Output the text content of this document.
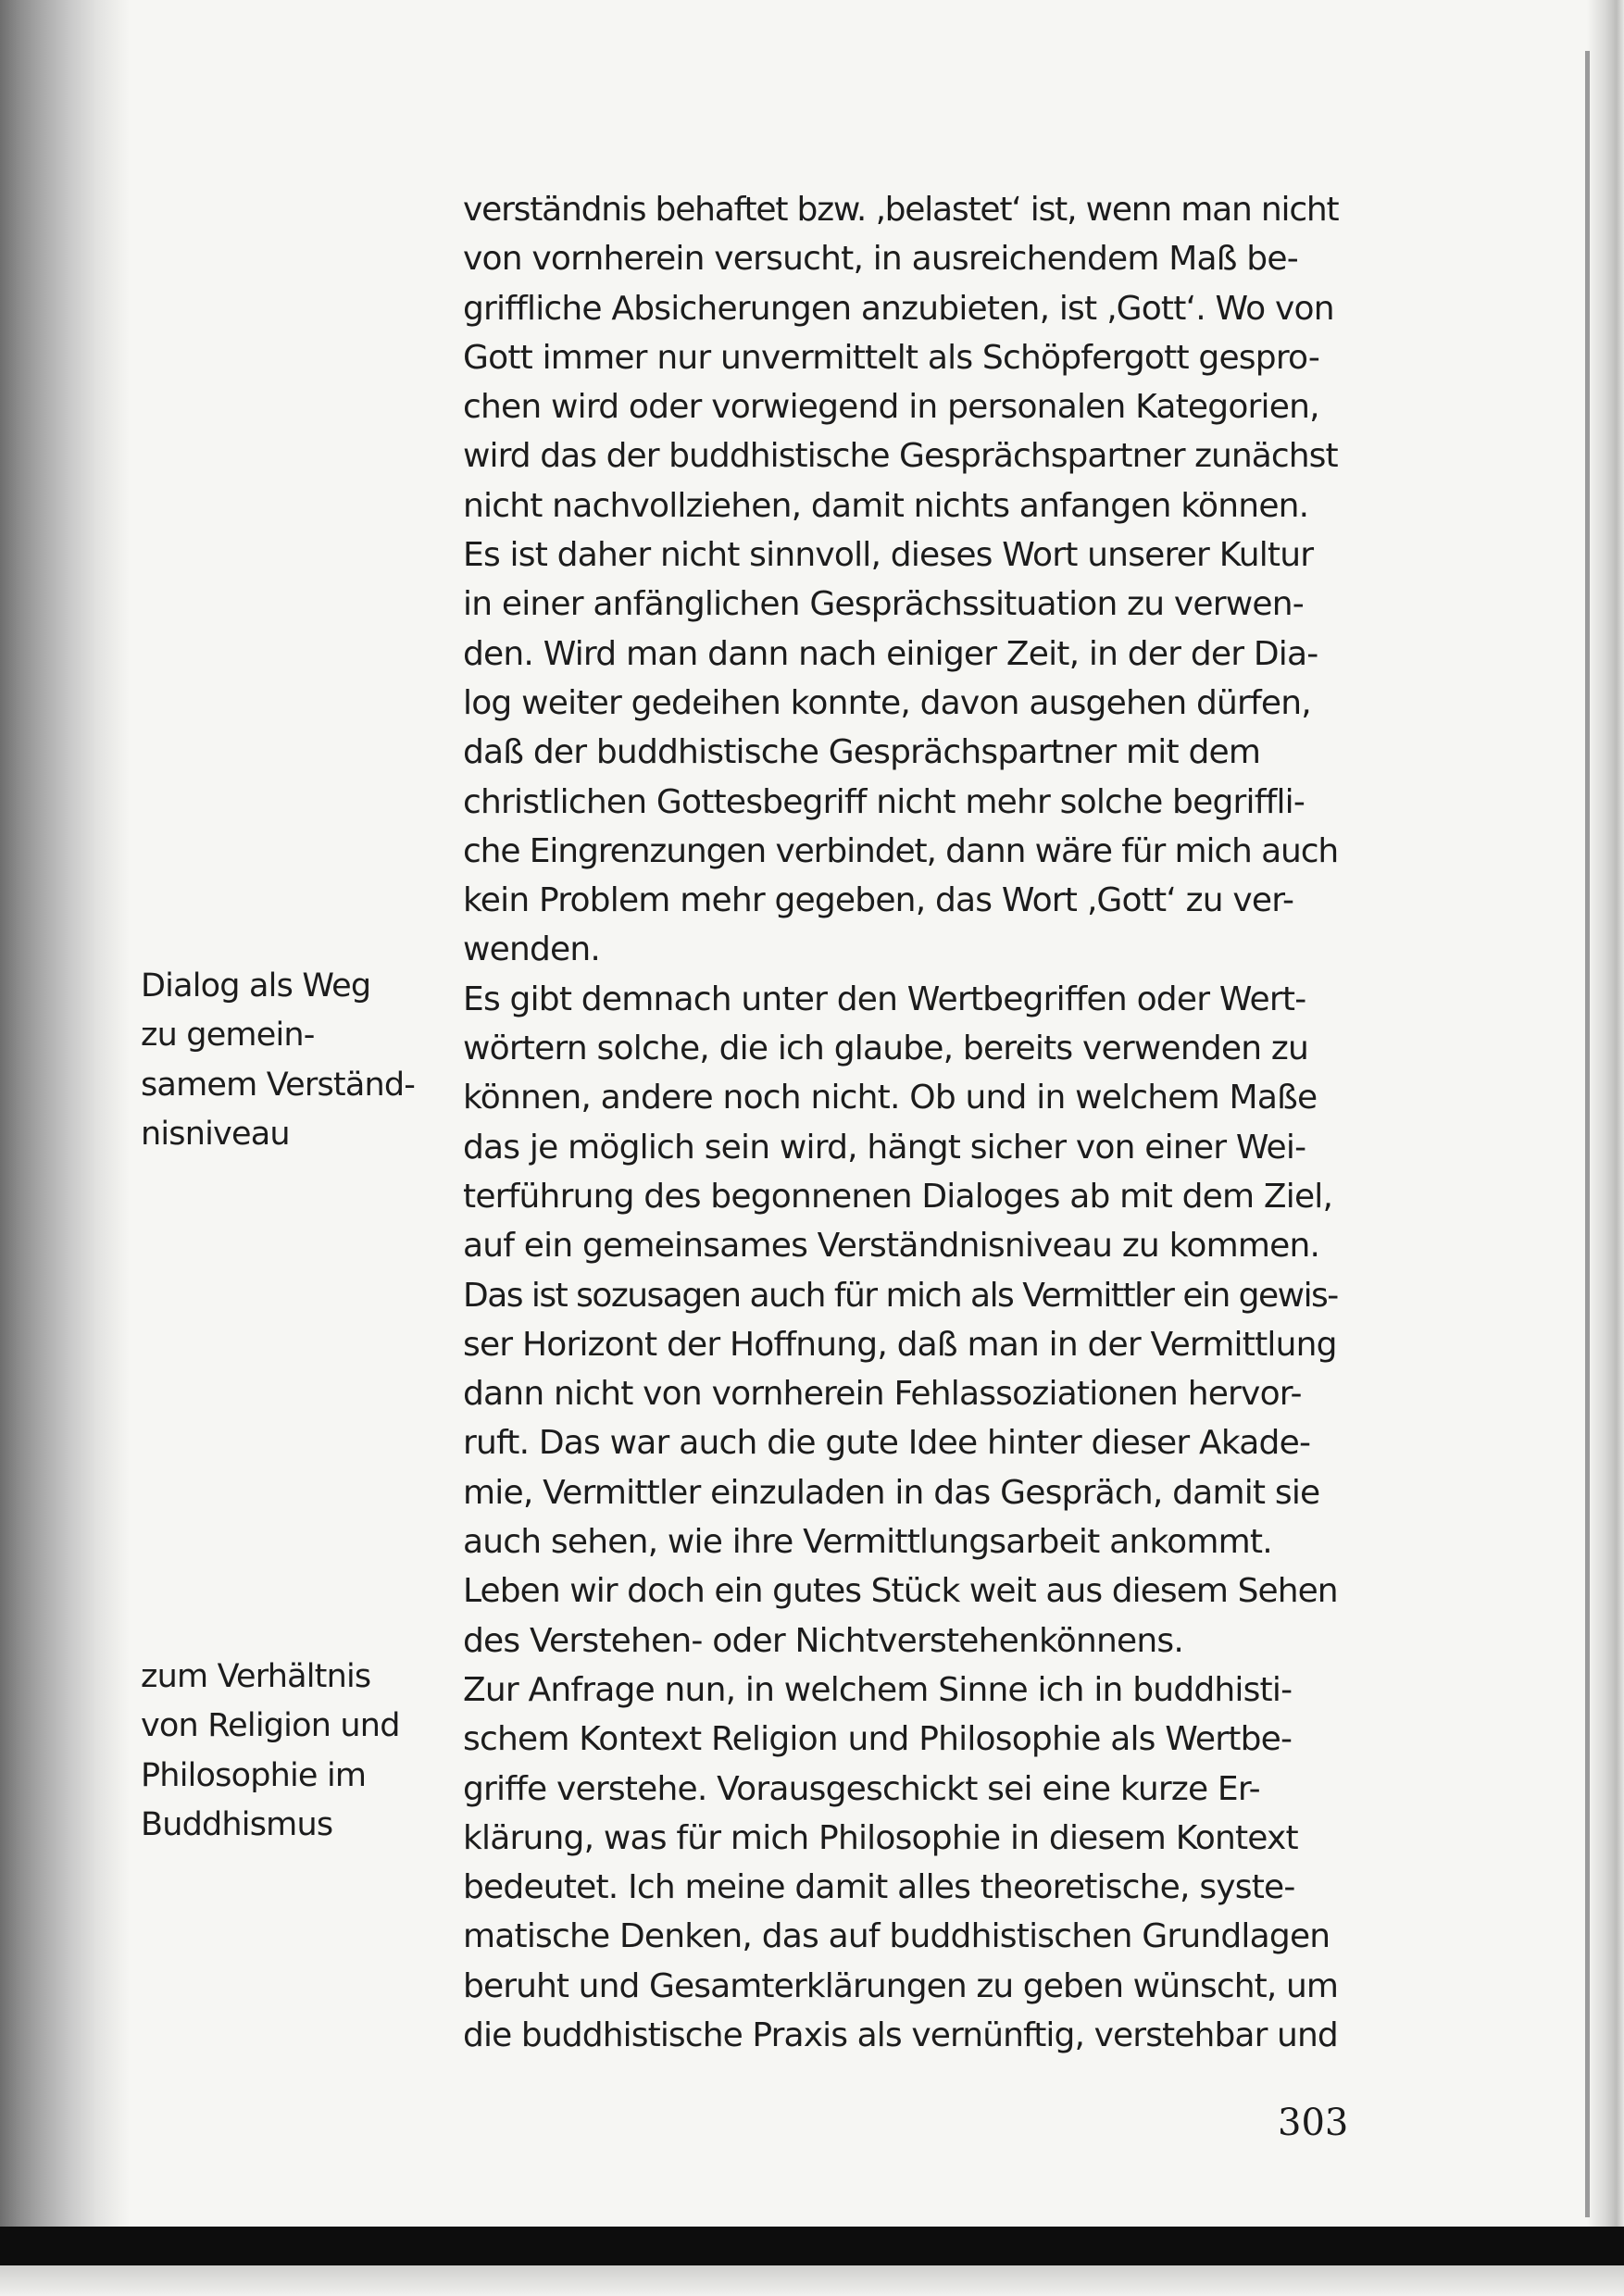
verständnis behaftet bzw. ‚belastet‘ ist, wenn man nicht
von vornherein versucht, in ausreichendem Maß be-
griffliche Absicherungen anzubieten, ist ‚Gott‘. Wo von
Gott immer nur unvermittelt als Schöpfergott gespro-
chen wird oder vorwiegend in personalen Kategorien,
wird das der buddhistische Gesprächspartner zunächst
nicht nachvollziehen, damit nichts anfangen können.
Es ist daher nicht sinnvoll, dieses Wort unserer Kultur
in einer anfänglichen Gesprächssituation zu verwen-
den. Wird man dann nach einiger Zeit, in der der Dia-
log weiter gedeihen konnte, davon ausgehen dürfen,
daß der buddhistische Gesprächspartner mit dem
christlichen Gottesbegriff nicht mehr solche begriffli-
che Eingrenzungen verbindet, dann wäre für mich auch
kein Problem mehr gegeben, das Wort ‚Gott‘ zu ver-
wenden.
Es gibt demnach unter den Wertbegriffen oder Wert-
wörtern solche, die ich glaube, bereits verwenden zu
können, andere noch nicht. Ob und in welchem Maße
das je möglich sein wird, hängt sicher von einer Wei-
terführung des begonnenen Dialoges ab mit dem Ziel,
auf ein gemeinsames Verständnisniveau zu kommen.
Das ist sozusagen auch für mich als Vermittler ein gewis-
ser Horizont der Hoffnung, daß man in der Vermittlung
dann nicht von vornherein Fehlassoziationen hervor-
ruft. Das war auch die gute Idee hinter dieser Akade-
mie, Vermittler einzuladen in das Gespräch, damit sie
auch sehen, wie ihre Vermittlungsarbeit ankommt.
Leben wir doch ein gutes Stück weit aus diesem Sehen
des Verstehen- oder Nichtverstehenkönnens.
Zur Anfrage nun, in welchem Sinne ich in buddhisti-
schem Kontext Religion und Philosophie als Wertbe-
griffe verstehe. Vorausgeschickt sei eine kurze Er-
klärung, was für mich Philosophie in diesem Kontext
bedeutet. Ich meine damit alles theoretische, syste-
matische Denken, das auf buddhistischen Grundlagen
beruht und Gesamterklärungen zu geben wünscht, um
die buddhistische Praxis als vernünftig, verstehbar und
Dialog als Weg
zu gemein-
samem Verständ-
nisniveau
zum Verhältnis
von Religion und
Philosophie im
Buddhismus
303
